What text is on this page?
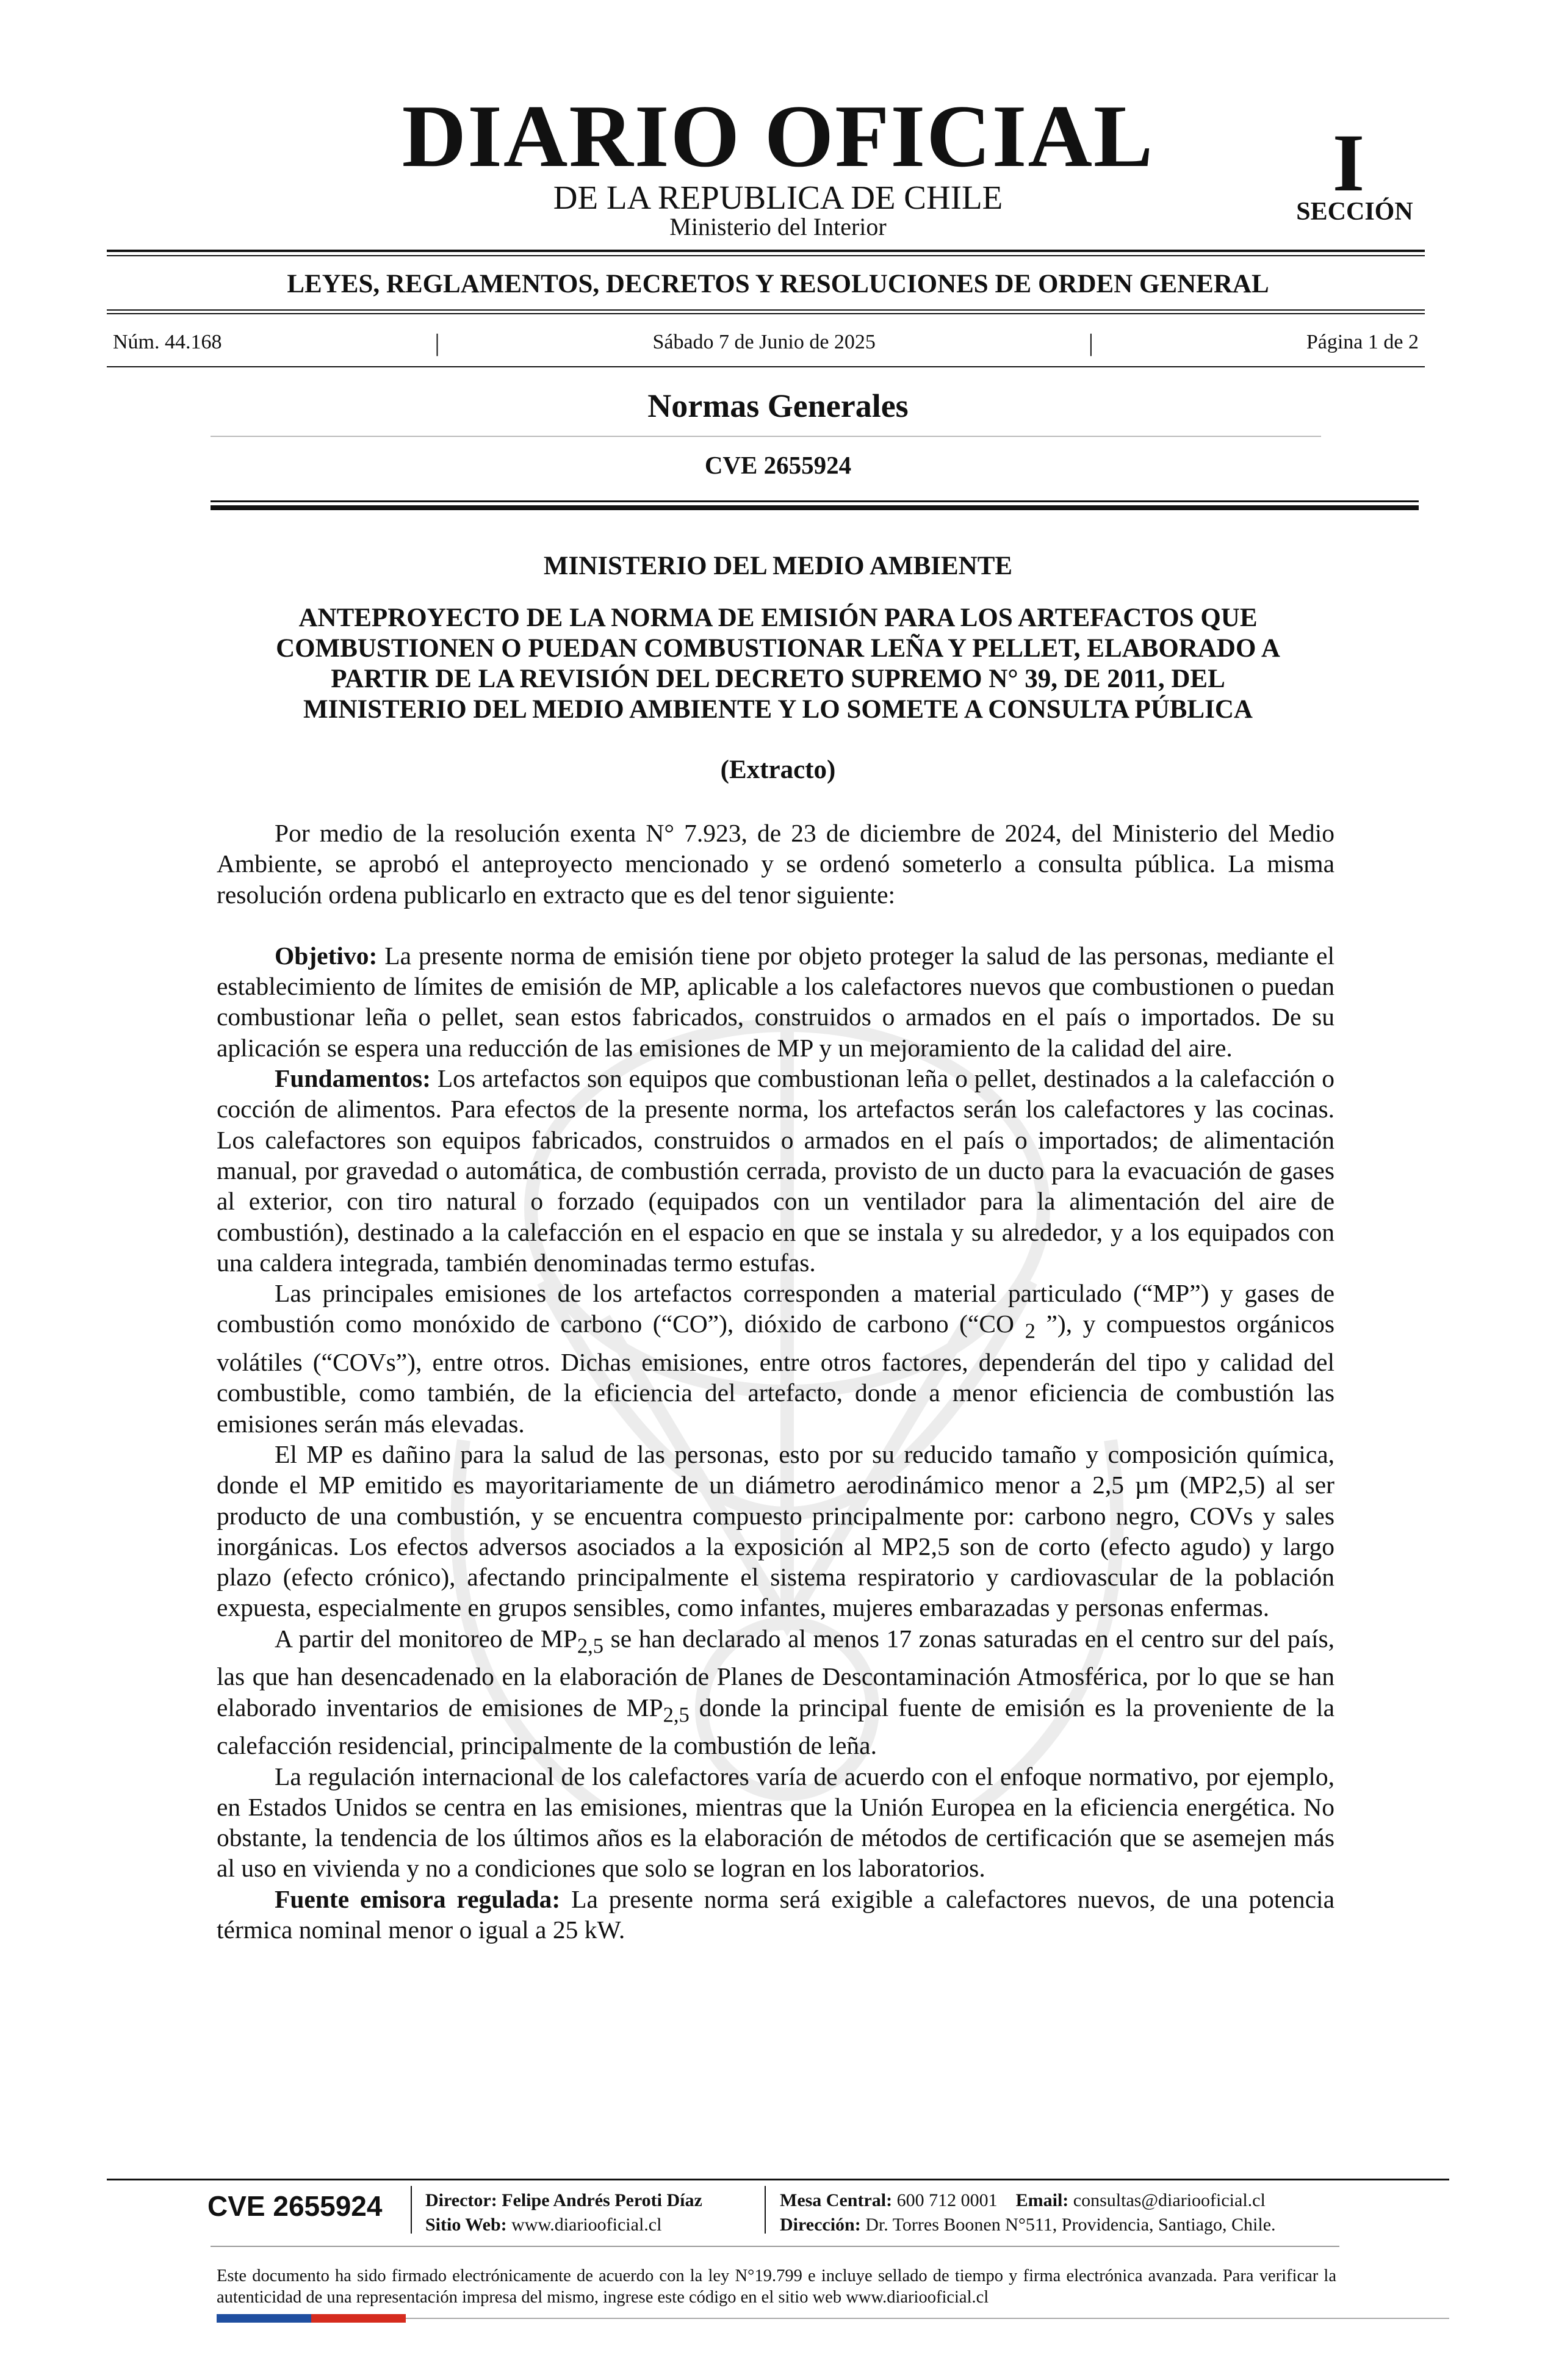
DIARIO OFICIAL
DE LA REPUBLICA DE CHILE
Ministerio del Interior
I
SECCIÓN
LEYES, REGLAMENTOS, DECRETOS Y RESOLUCIONES DE ORDEN GENERAL
Núm. 44.168	|	Sábado 7 de Junio de 2025	|	Página 1 de 2
Normas Generales
CVE 2655924
MINISTERIO DEL MEDIO AMBIENTE
ANTEPROYECTO DE LA NORMA DE EMISIÓN PARA LOS ARTEFACTOS QUE
COMBUSTIONEN O PUEDAN COMBUSTIONAR LEÑA Y PELLET, ELABORADO A
PARTIR DE LA REVISIÓN DEL DECRETO SUPREMO N° 39, DE 2011, DEL
MINISTERIO DEL MEDIO AMBIENTE Y LO SOMETE A CONSULTA PÚBLICA
(Extracto)

Por medio de la resolución exenta N° 7.923, de 23 de diciembre de 2024, del Ministerio del Medio Ambiente, se aprobó el anteproyecto mencionado y se ordenó someterlo a consulta pública. La misma resolución ordena publicarlo en extracto que es del tenor siguiente:

Objetivo: La presente norma de emisión tiene por objeto proteger la salud de las personas, mediante el establecimiento de límites de emisión de MP, aplicable a los calefactores nuevos que combustionen o puedan combustionar leña o pellet, sean estos fabricados, construidos o armados en el país o importados. De su aplicación se espera una reducción de las emisiones de MP y un mejoramiento de la calidad del aire.

Fundamentos: Los artefactos son equipos que combustionan leña o pellet, destinados a la calefacción o cocción de alimentos. Para efectos de la presente norma, los artefactos serán los calefactores y las cocinas. Los calefactores son equipos fabricados, construidos o armados en el país o importados; de alimentación manual, por gravedad o automática, de combustión cerrada, provisto de un ducto para la evacuación de gases al exterior, con tiro natural o forzado (equipados con un ventilador para la alimentación del aire de combustión), destinado a la calefacción en el espacio en que se instala y su alrededor, y a los equipados con una caldera integrada, también denominadas termo estufas.

Las principales emisiones de los artefactos corresponden a material particulado (“MP”) y gases de combustión como monóxido de carbono (“CO”), dióxido de carbono (“CO $_2$ ”), y compuestos orgánicos volátiles (“COVs”), entre otros. Dichas emisiones, entre otros factores, dependerán del tipo y calidad del combustible, como también, de la eficiencia del artefacto, donde a menor eficiencia de combustión las emisiones serán más elevadas.

El MP es dañino para la salud de las personas, esto por su reducido tamaño y composición química, donde el MP emitido es mayoritariamente de un diámetro aerodinámico menor a 2,5 µm (MP2,5) al ser producto de una combustión, y se encuentra compuesto principalmente por: carbono negro, COVs y sales inorgánicas. Los efectos adversos asociados a la exposición al MP2,5 son de corto (efecto agudo) y largo plazo (efecto crónico), afectando principalmente el sistema respiratorio y cardiovascular de la población expuesta, especialmente en grupos sensibles, como infantes, mujeres embarazadas y personas enfermas.

A partir del monitoreo de $MP_{2,5}$ se han declarado al menos 17 zonas saturadas en el centro sur del país, las que han desencadenado en la elaboración de Planes de Descontaminación Atmosférica, por lo que se han elaborado inventarios de emisiones de $MP_{2,5}$ donde la principal fuente de emisión es la proveniente de la calefacción residencial, principalmente de la combustión de leña.

La regulación internacional de los calefactores varía de acuerdo con el enfoque normativo, por ejemplo, en Estados Unidos se centra en las emisiones, mientras que la Unión Europea en la eficiencia energética. No obstante, la tendencia de los últimos años es la elaboración de métodos de certificación que se asemejen más al uso en vivienda y no a condiciones que solo se logran en los laboratorios.

Fuente emisora regulada: La presente norma será exigible a calefactores nuevos, de una potencia térmica nominal menor o igual a 25 kW.

CVE 2655924 Director: Felipe Andrés Peroti Díaz
Sitio Web: www.diariooficial.cl
Mesa Central: 600 712 0001 Email: consultas@diariooficial.cl
Dirección: Dr. Torres Boonen N°511, Providencia, Santiago, Chile.
Este documento ha sido firmado electrónicamente de acuerdo con la ley N°19.799 e incluye sellado de tiempo y firma electrónica avanzada. Para verificar la autenticidad de una representación impresa del mismo, ingrese este código en el sitio web www.diariooficial.cl
